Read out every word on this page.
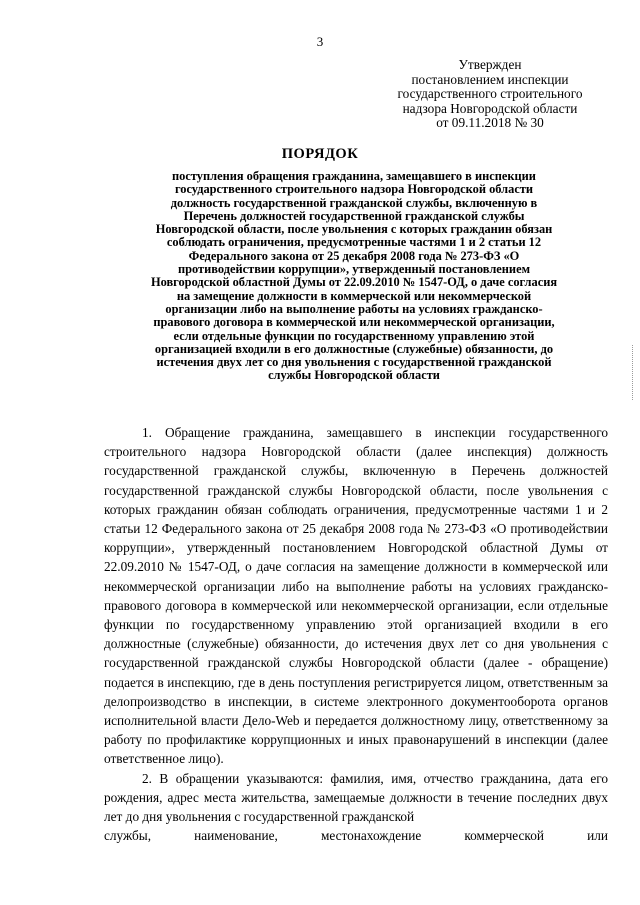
3
Утвержден
постановлением инспекции
государственного строительного
надзора Новгородской области
от 09.11.2018 № 30
ПОРЯДОК
поступления обращения гражданина, замещавшего в инспекции
государственного строительного надзора Новгородской области
должность государственной гражданской службы, включенную в
Перечень должностей государственной гражданской службы
Новгородской области, после увольнения с которых гражданин обязан
соблюдать ограничения, предусмотренные частями 1 и 2 статьи 12
Федерального закона от 25 декабря 2008 года № 273-ФЗ «О
противодействии коррупции», утвержденный постановлением
Новгородской областной Думы от 22.09.2010 № 1547-ОД, о даче согласия
на замещение должности в коммерческой или некоммерческой
организации либо на выполнение работы на условиях гражданско-
правового договора в коммерческой или некоммерческой организации,
если отдельные функции по государственному управлению этой
организацией входили в его должностные (служебные) обязанности, до
истечения двух лет со дня увольнения с государственной гражданской
службы Новгородской области

1. Обращение гражданина, замещавшего в инспекции государственного строительного надзора Новгородской области (далее инспекция) должность государственной гражданской службы, включенную в Перечень должностей государственной гражданской службы Новгородской области, после увольнения с которых гражданин обязан соблюдать ограничения, предусмотренные частями 1 и 2 статьи 12 Федерального закона от 25 декабря 2008 года № 273-ФЗ «О противодействии коррупции», утвержденный постановлением Новгородской областной Думы от 22.09.2010 № 1547-ОД, о даче согласия на замещение должности в коммерческой или некоммерческой организации либо на выполнение работы на условиях гражданско-правового договора в коммерческой или некоммерческой организации, если отдельные функции по государственному управлению этой организацией входили в его должностные (служебные) обязанности, до истечения двух лет со дня увольнения с государственной гражданской службы Новгородской области (далее - обращение) подается в инспекцию, где в день поступления регистрируется лицом, ответственным за делопроизводство в инспекции, в системе электронного документооборота органов исполнительной власти Дело-Web и передается должностному лицу, ответственному за работу по профилактике коррупционных и иных правонарушений в инспекции (далее ответственное лицо).

2. В обращении указываются: фамилия, имя, отчество гражданина, дата его рождения, адрес места жительства, замещаемые должности в течение последних двух лет до дня увольнения с государственной гражданской

службы,	наименование,	местонахождение	коммерческой	или
